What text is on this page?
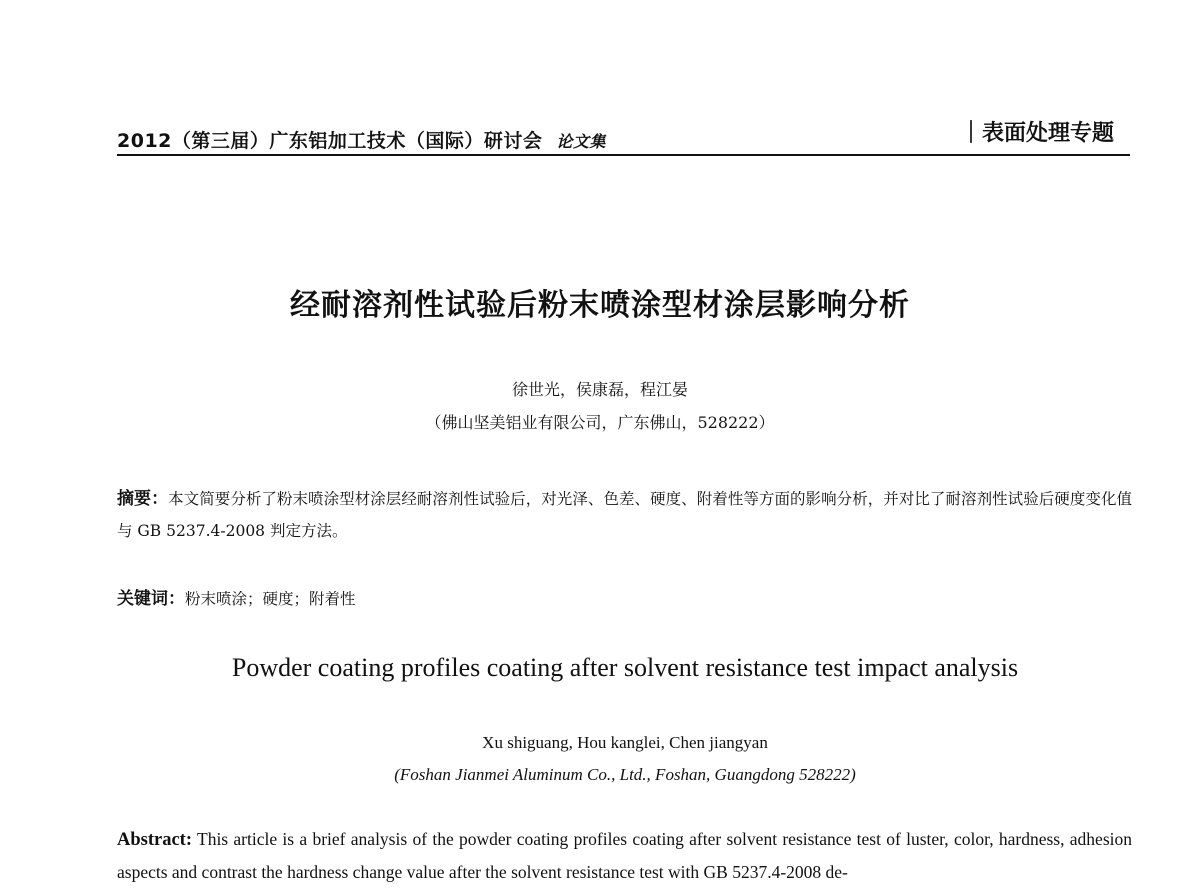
2012（第三届）广东铝加工技术（国际）研讨会 论文集	｜表面处理专题
经耐溶剂性试验后粉末喷涂型材涂层影响分析
徐世光，侯康磊，程江晏
（佛山坚美铝业有限公司，广东佛山，528222）
摘要：本文简要分析了粉末喷涂型材涂层经耐溶剂性试验后，对光泽、色差、硬度、附着性等方面的影响分析，并对比了耐溶剂性试验后硬度变化值与 GB 5237.4-2008 判定方法。
关键词：粉末喷涂；硬度；附着性
Powder coating profiles coating after solvent resistance test impact analysis
Xu shiguang, Hou kanglei, Chen jiangyan
(Foshan Jianmei Aluminum Co., Ltd., Foshan, Guangdong 528222)
Abstract: This article is a brief analysis of the powder coating profiles coating after solvent resistance test of luster, color, hardness, adhesion aspects and contrast the hardness change value after the solvent resistance test with GB 5237.4-2008 de-
